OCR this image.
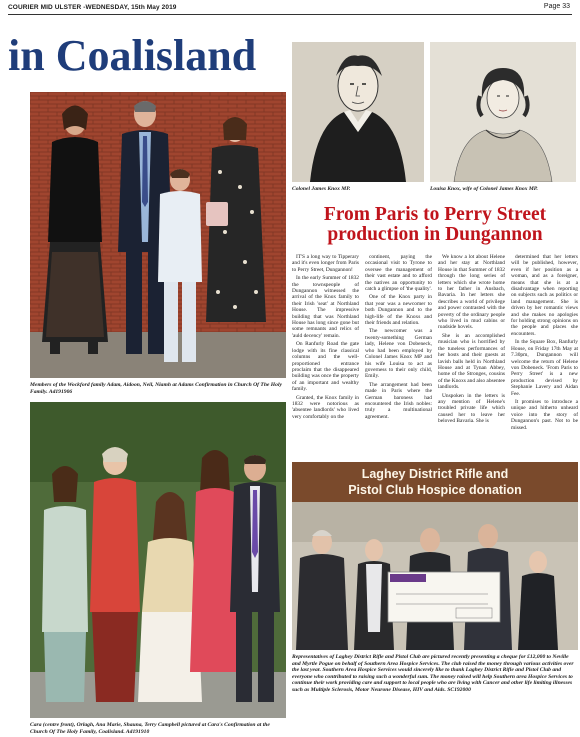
COURIER MID ULSTER -WEDNESDAY, 15th May 2019	Page 33
in Coalisland
Members of the Wockford family Adam, Aidoon, Neil, Niamh at Adams Confirmation in Church Of The Holy Family. Ad191906
Cara (centre front), Orlagh, Ana Marie, Shauna, Terry Campbell pictured at Cara's Confirmation at the Church Of The Holy Family, Coalisland. Ad191910
Colonel James Knox MP.	Louisa Knox, wife of Colonel James Knox MP.
From Paris to Perry Street production in Dungannon

IT'S a long way to Tipperary and it's even longer from Paris to Perry Street, Dungannon!

In the early Summer of 1832 the townspeople of Dungannon witnessed the arrival of the Knox family to their Irish 'seat' at Northland House. The impressive building that was Northland House has long since gone but some remnants and relics of 'auld decency' remain.

On Ranfurly Road the gate lodge with its fine classical columns and the well-proportioned entrance proclaim that the disappeared building was once the property of an important and wealthy family.

Granted, the Knox family in 1832 were notorious as 'absentee landlords' who lived very comfortably on the

continent, paying the occasional visit to Tyrone to oversee the management of their vast estate and to afford the natives an opportunity to catch a glimpse of 'the quality'.

One of the Knox party in that year was a newcomer to both Dungannon and to the high-life of the Knoxs and their friends and relation.

The newcomer was a twenty-something German lady, Helene von Dobeneck, who had been employed by Colonel James Knox MP and his wife Louisa to act as governess to their only child, Emily.

The arrangement had been made in Paris where the German baroness had encountered the Irish nobles: truly a multinational agreement.

We know a lot about Helene and her stay at Northland House in that Summer of 1832 through the long series of letters which she wrote home to her father in Ansbach, Bavaria. In her letters she describes a world of privilege and power contrasted with the poverty of the ordinary people who lived in mud cabins or roadside hovels.

She is an accomplished musician who is horrified by the tuneless performances of her hosts and their guests at lavish balls held in Northland House and at Tynan Abbey, home of the Stronges, cousins of the Knoxs and also absentee landlords.

Unspoken in the letters is any mention of Helene's troubled private life which caused her to leave her beloved Bavaria. She is

determined that her letters will be published, however, even if her position as a woman, and as a foreigner, means that she is at a disadvantage when reporting on subjects such as politics or land management. She is driven by her romantic views and she makes no apologies for holding strong opinions on the people and places she encounters.

In the Square Box, Ranfurly House, on Friday 17th May at 7.30pm, Dungannon will welcome the return of Helene von Dobeneck. 'From Paris to Perry Street' is a new production devised by Stephanie Lavery and Aidan Fee.

It promises to introduce a unique and hitherto unheard voice into the story of Dungannon's past. Not to be missed.

Laghey District Rifle and
Pistol Club Hospice donation
Representatives of Laghey District Rifle and Pistol Club are pictured recently presenting a cheque for £12,000 to Neville and Myrtle Pogue on behalf of Southern Area Hospice Services. The club raised the money through various activities over the last year. Southern Area Hospice Services would sincerely like to thank Laghey District Rifle and Pistol Club and everyone who contributed to raising such a wonderful sum. The money raised will help Southern area Hospice Services to continue their work providing care and support to local people who are living with Cancer and other life limiting illnesses such as Multiple Sclerosis, Motor Neurone Disease, HIV and Aids. SC192000
